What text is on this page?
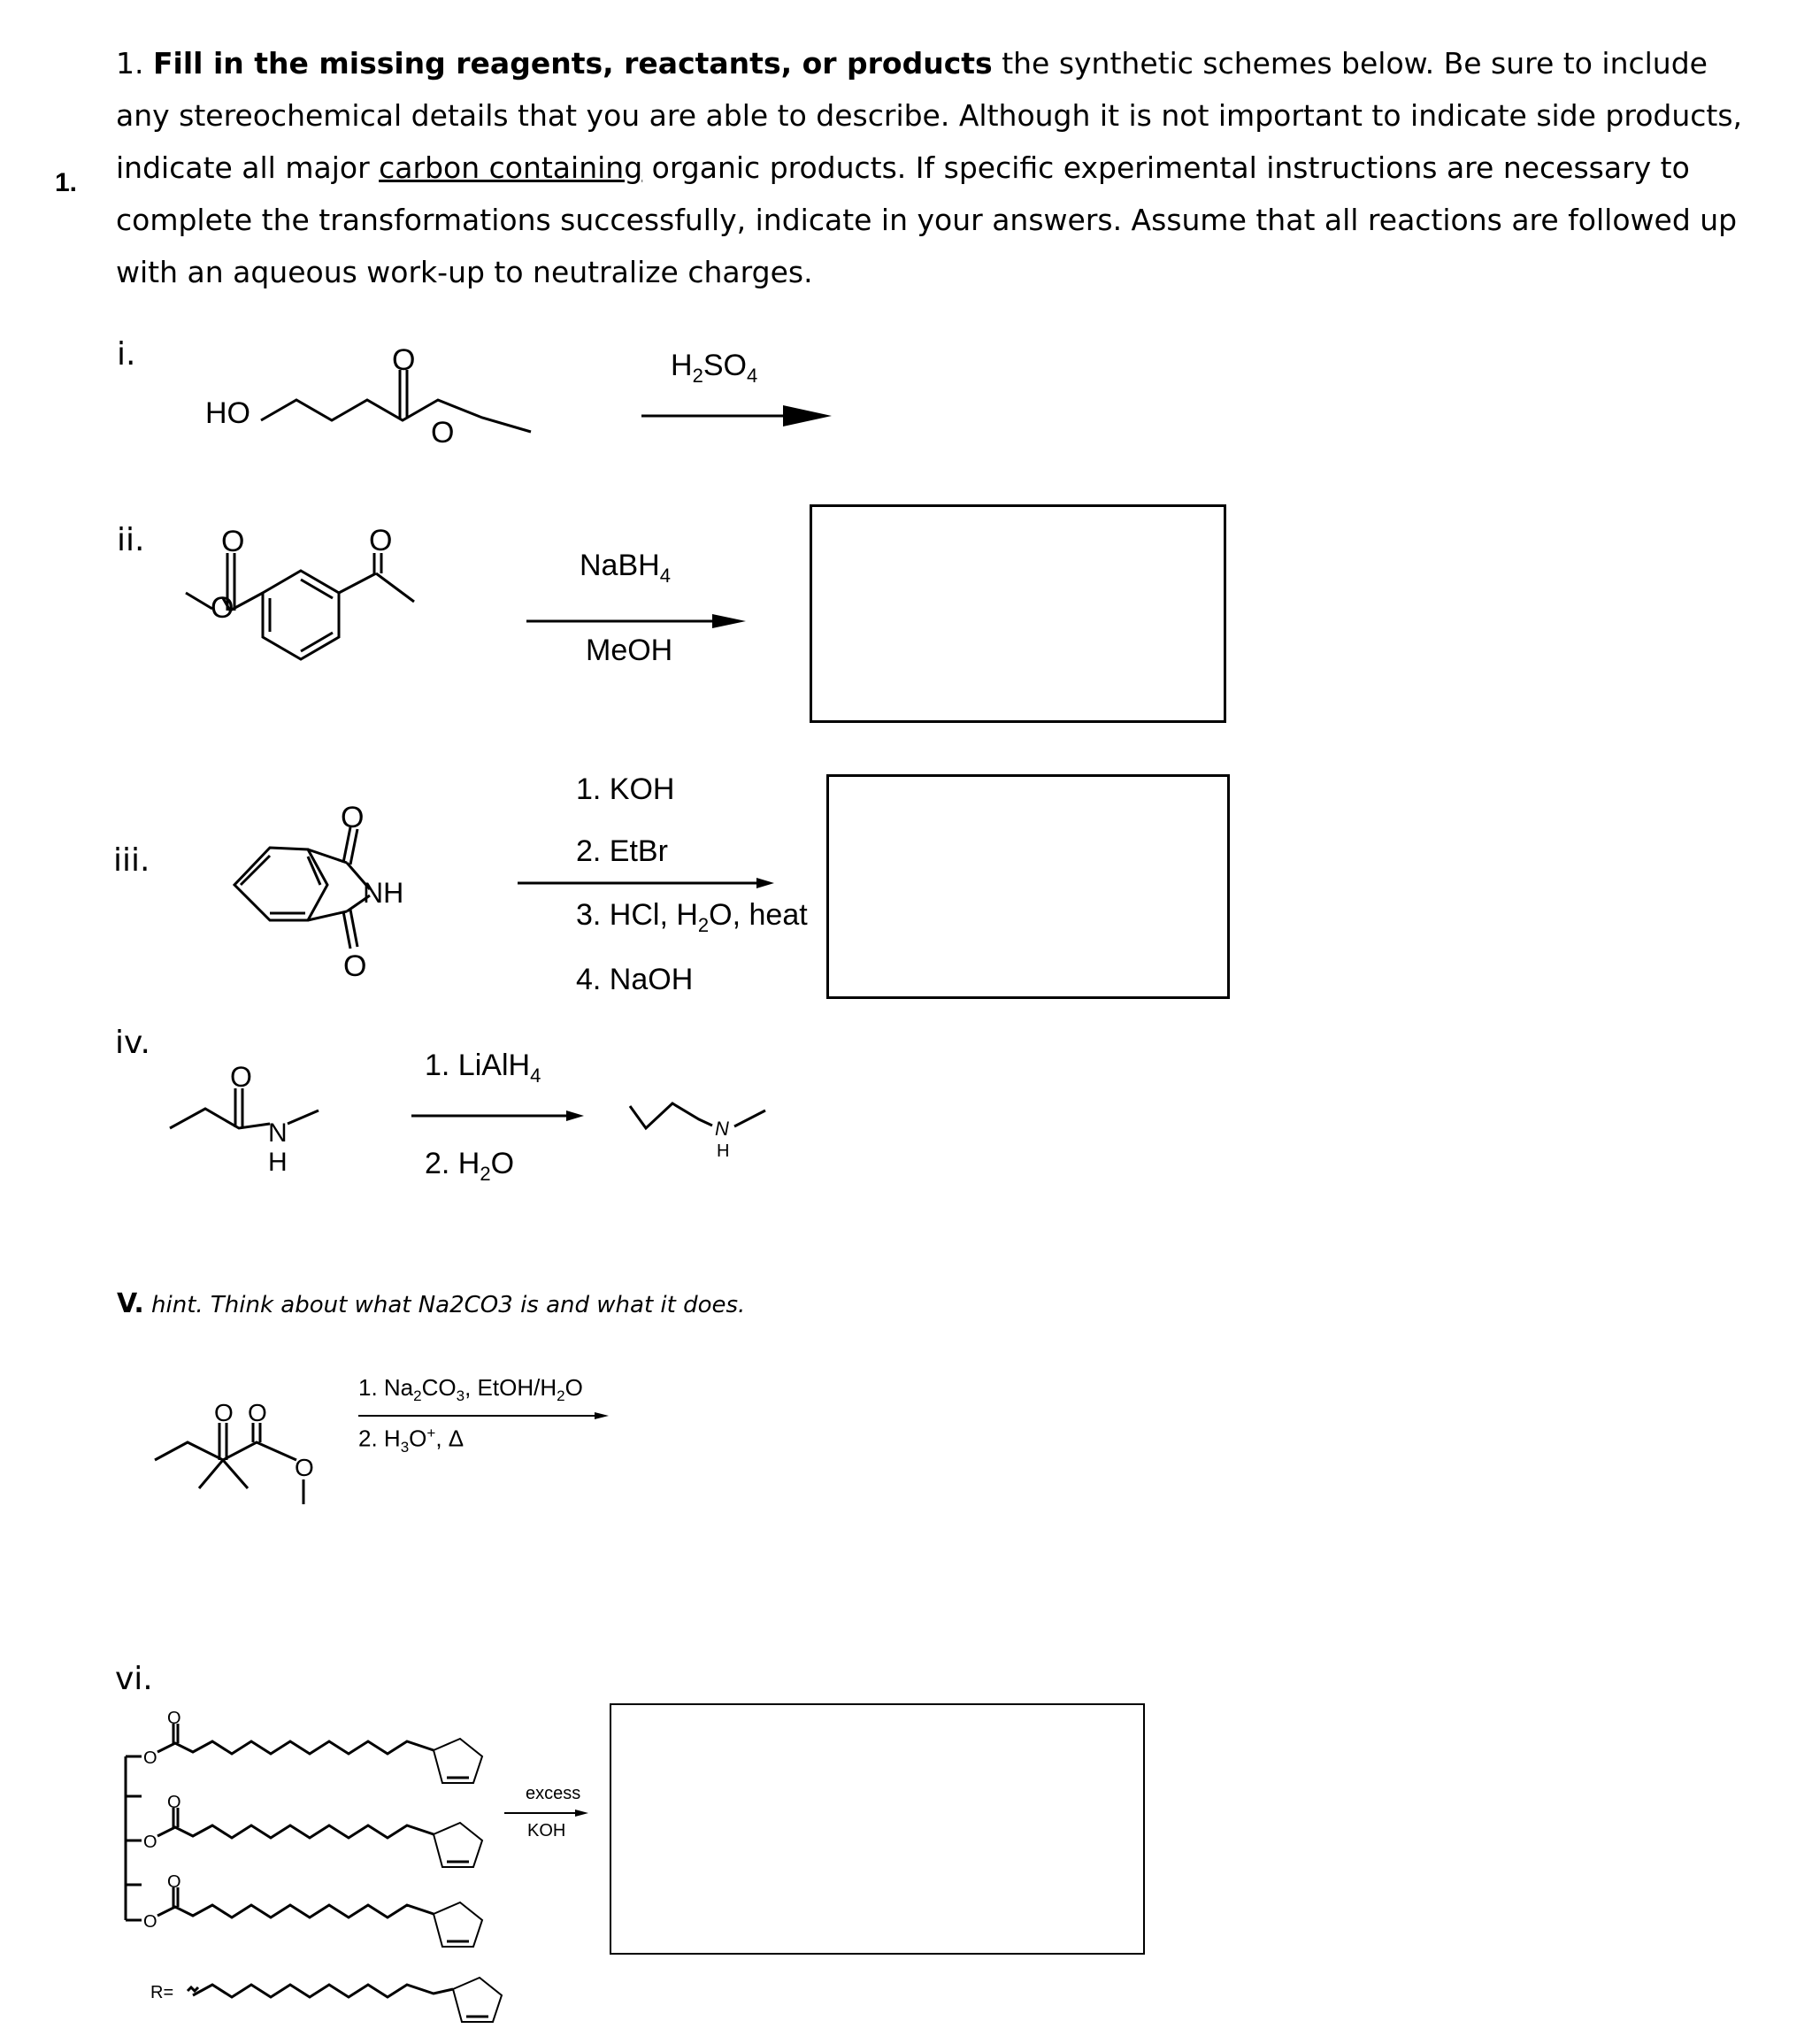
1.
1. Fill in the missing reagents, reactants, or products the synthetic schemes below. Be sure to include any stereochemical details that you are able to describe. Although it is not important to indicate side products, indicate all major carbon containing organic products. If specific experimental instructions are necessary to complete the transformations successfully, indicate in your answers. Assume that all reactions are followed up with an aqueous work-up to neutralize charges.
i.	O
O
HO
$H_2SO_4$
ii.	O
O
O
NaBH$_4$
MeOH
iii.
O
O
NH
1. KOH
2. EtBr
3. HCl, $H_2O$, heat
4. NaOH
iv.
O
N
H
1. LiAlH$_4$
2. $H_2O$
N
H
V. hint. Think about what Na2CO3 is and what it does.
O O
O
1. $Na_2CO_3$, EtOH/$H_2O$
2. $H_3O^+$, Δ
vi.
O
O
O
O
O
O
R=
excess
KOH
